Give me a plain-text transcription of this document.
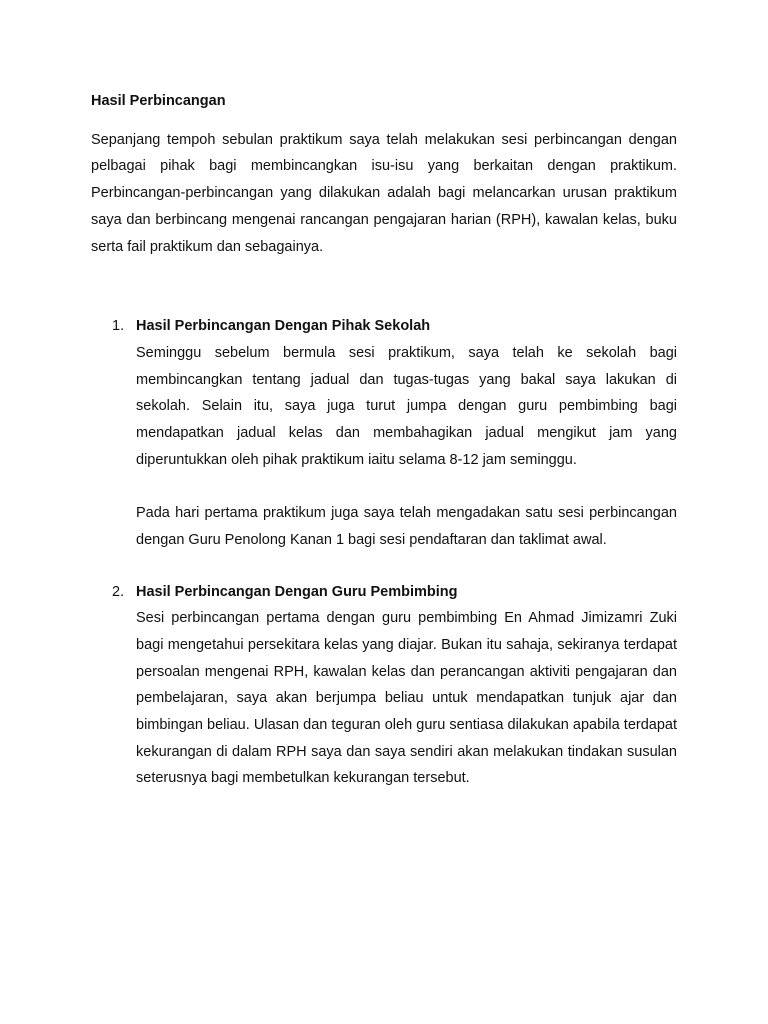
Hasil Perbincangan

Sepanjang tempoh sebulan praktikum saya telah melakukan sesi perbincangan dengan pelbagai pihak bagi membincangkan isu-isu yang berkaitan dengan praktikum. Perbincangan-perbincangan yang dilakukan adalah bagi melancarkan urusan praktikum saya dan berbincang mengenai rancangan pengajaran harian (RPH), kawalan kelas, buku serta fail praktikum dan sebagainya.

1. Hasil Perbincangan Dengan Pihak Sekolah

Seminggu sebelum bermula sesi praktikum, saya telah ke sekolah bagi membincangkan tentang jadual dan tugas-tugas yang bakal saya lakukan di sekolah. Selain itu, saya juga turut jumpa dengan guru pembimbing bagi mendapatkan jadual kelas dan membahagikan jadual mengikut jam yang diperuntukkan oleh pihak praktikum iaitu selama 8-12 jam seminggu.

Pada hari pertama praktikum juga saya telah mengadakan satu sesi perbincangan dengan Guru Penolong Kanan 1 bagi sesi pendaftaran dan taklimat awal.

2. Hasil Perbincangan Dengan Guru Pembimbing

Sesi perbincangan pertama dengan guru pembimbing En Ahmad Jimizamri Zuki bagi mengetahui persekitara kelas yang diajar. Bukan itu sahaja, sekiranya terdapat persoalan mengenai RPH, kawalan kelas dan perancangan aktiviti pengajaran dan pembelajaran, saya akan berjumpa beliau untuk mendapatkan tunjuk ajar dan bimbingan beliau. Ulasan dan teguran oleh guru sentiasa dilakukan apabila terdapat kekurangan di dalam RPH saya dan saya sendiri akan melakukan tindakan susulan seterusnya bagi membetulkan kekurangan tersebut.
